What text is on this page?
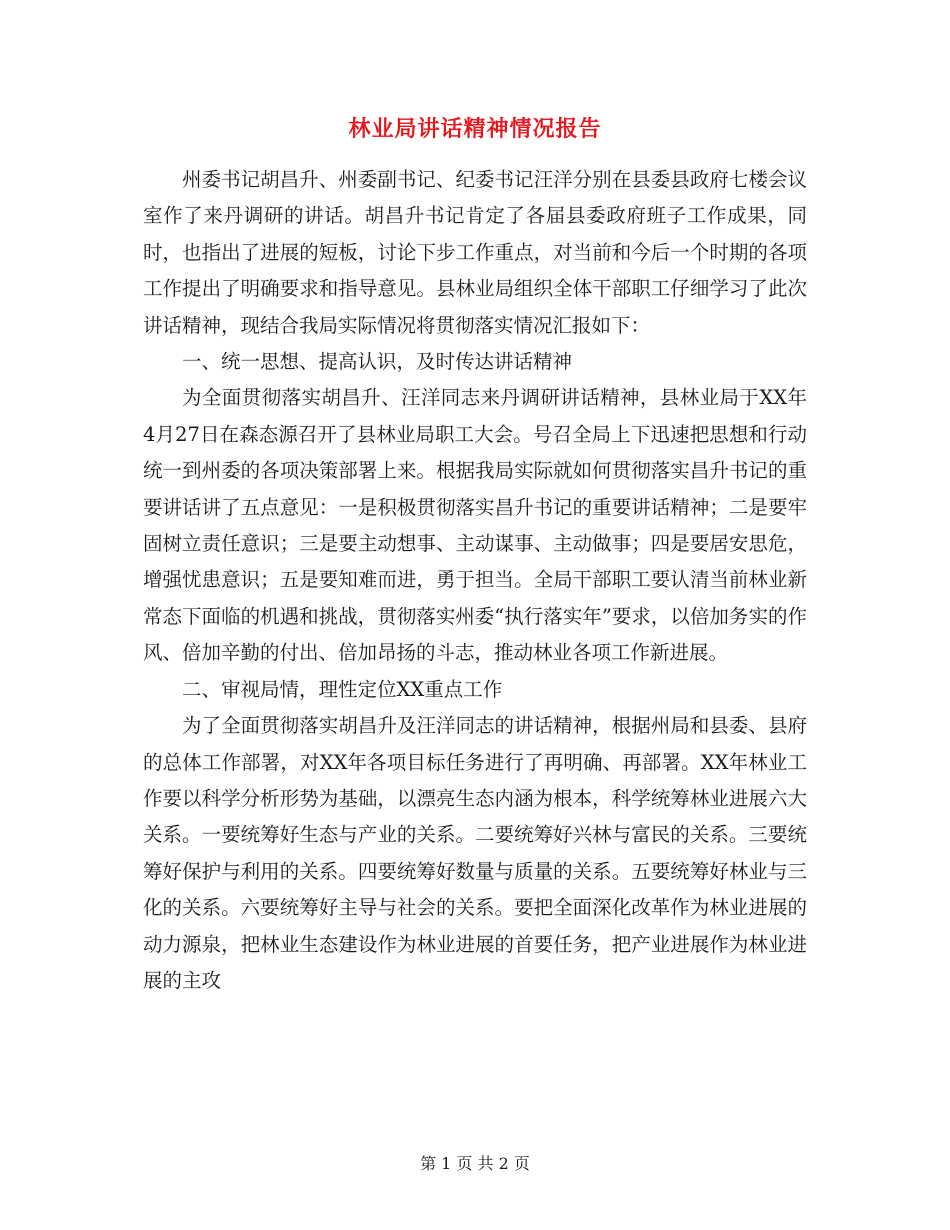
林业局讲话精神情况报告

州委书记胡昌升、州委副书记、纪委书记汪洋分别在县委县政府七楼会议室作了来丹调研的讲话。胡昌升书记肯定了各届县委政府班子工作成果，同时，也指出了进展的短板，讨论下步工作重点，对当前和今后一个时期的各项工作提出了明确要求和指导意见。县林业局组织全体干部职工仔细学习了此次讲话精神，现结合我局实际情况将贯彻落实情况汇报如下：

一、统一思想、提高认识，及时传达讲话精神

为全面贯彻落实胡昌升、汪洋同志来丹调研讲话精神，县林业局于XX年4月27日在森态源召开了县林业局职工大会。号召全局上下迅速把思想和行动统一到州委的各项决策部署上来。根据我局实际就如何贯彻落实昌升书记的重要讲话讲了五点意见：一是积极贯彻落实昌升书记的重要讲话精神；二是要牢固树立责任意识；三是要主动想事、主动谋事、主动做事；四是要居安思危，增强忧患意识；五是要知难而进，勇于担当。全局干部职工要认清当前林业新常态下面临的机遇和挑战，贯彻落实州委“执行落实年”要求，以倍加务实的作风、倍加辛勤的付出、倍加昂扬的斗志，推动林业各项工作新进展。

二、审视局情，理性定位XX重点工作

为了全面贯彻落实胡昌升及汪洋同志的讲话精神，根据州局和县委、县府的总体工作部署，对XX年各项目标任务进行了再明确、再部署。XX年林业工作要以科学分析形势为基础，以漂亮生态内涵为根本，科学统筹林业进展六大关系。一要统筹好生态与产业的关系。二要统筹好兴林与富民的关系。三要统筹好保护与利用的关系。四要统筹好数量与质量的关系。五要统筹好林业与三化的关系。六要统筹好主导与社会的关系。要把全面深化改革作为林业进展的动力源泉，把林业生态建设作为林业进展的首要任务，把产业进展作为林业进展的主攻

第 1 页 共 2 页
